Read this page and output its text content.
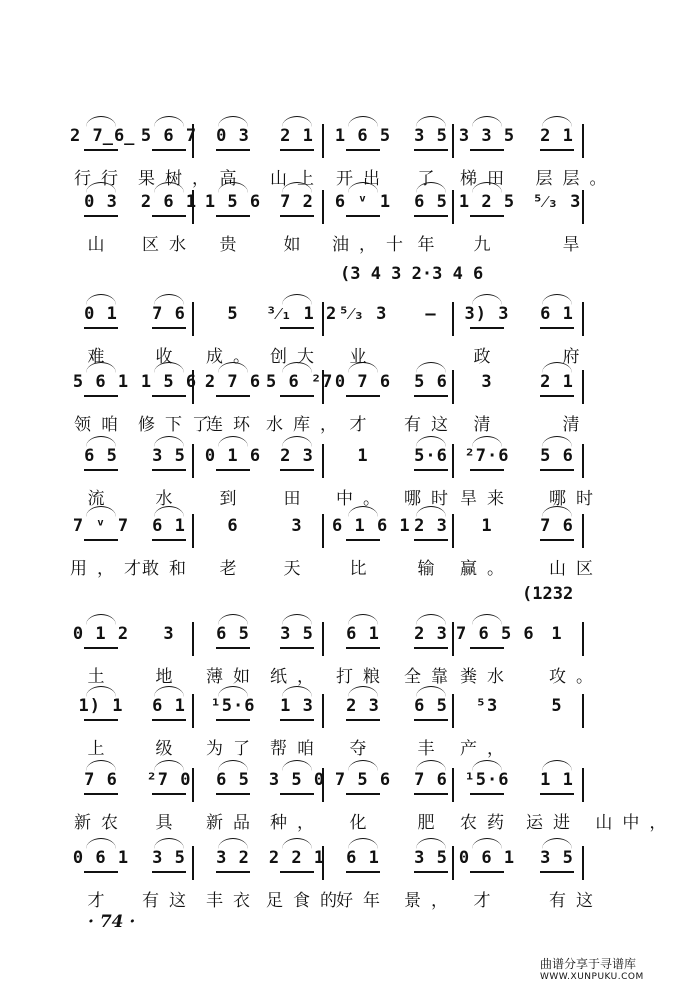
(3 4 3 2·3 4 6
(1232
2 7̲6̲ 5 6 7	0 3	2 1	1 6 5	3 5 3 3 5	2 1
行行 果树， 高	山上 开出	了 梯田	层层。
0 3	2 6 1 1 5 6	7 2	6 ᵛ 1	6 5 1 2 5	⁵⁄₃ 3
山	区水	贵	如	油，十 年	九	旱
0 1	7 6	5	³⁄₁ 1 2 ⁵⁄₃ 3	—	3) 3	6 1
难	收	成。 创大	业	政	府
5 6 1 1 5 6 2 7 6 5 6 ²7 0 7 6	5 6	3	2 1
领咱 修下了
连环 水库， 才	有这 清	清
6 5	3 5	0 1 6	2 3	1	5·6 ²7·6	5 6
流	水	到	田	中。 哪时 旱来	哪时
7 ᵛ 7	6 1	6	3	6 1 6 1 2 3	1	7 6
用，才
敢和	老	天	比	输 赢。	山区
0 1 2	3	6 5	3 5	6 1	2 3 7 6 5 6 1
土	地	薄如 纸， 打粮 全靠 粪水	攻。
1) 1	6 1	¹5·6	1 3	2 3	6 5	⁵3	5
上	级	为了 帮咱	夺	丰 产，
7 6	²7 0	6 5	3 5 0 7 5 6	7 6 ¹5·6	1 1
新农	具	新品 种，	化	肥 农药 运进 山中，
0 6 1	3 5	3 2	2 2 1	6 1	3 5 0 6 1	3 5
才	有这 丰衣 足食的
好年 景， 才	有这
· 74 ·
曲谱分享于寻谱库
WWW.XUNPUKU.COM
